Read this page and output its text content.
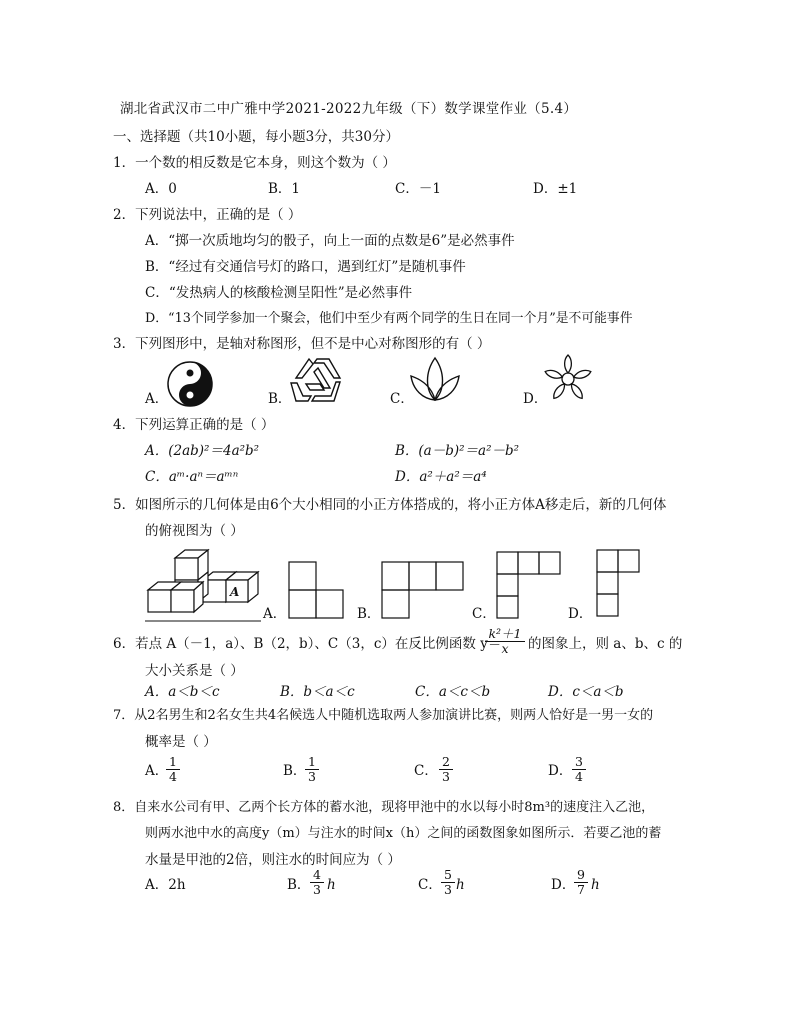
湖北省武汉市二中广雅中学2021-2022九年级（下）数学课堂作业（5.4）
一、选择题（共10小题，每小题3分，共30分）
1．一个数的相反数是它本身，则这个数为（ ）
A．0	B．1	C．－1	D．±1
2．下列说法中，正确的是（ ）
A．“掷一次质地均匀的骰子，向上一面的点数是6”是必然事件
B．“经过有交通信号灯的路口，遇到红灯”是随机事件
C．“发热病人的核酸检测呈阳性”是必然事件
D．“13个同学参加一个聚会，他们中至少有两个同学的生日在同一个月”是不可能事件
3．下列图形中，是轴对称图形，但不是中心对称图形的有（ ）
A．	B．	C．	D．
4．下列运算正确的是（ ）
A．(2ab)²＝4a²b²	B．(a－b)²＝a²－b²
C．aᵐ·aⁿ＝aᵐⁿ	D．a²＋a²＝a⁴
5．如图所示的几何体是由6个大小相同的小正方体搭成的，将小正方体A移走后，新的几何体
的俯视图为（ ）
A
A．	B．	C．	D．
6．若点 A（－1，a）、B（2，b）、C（3，c）在反比例函数 y＝
$\frac{\text{k²＋1}}{x}$ 的图象上，则 a、b、c 的
大小关系是（ ）
A．a＜b＜c	B．b＜a＜c	C．a＜c＜b	D．c＜a＜b
7．从2名男生和2名女生共4名候选人中随机选取两人参加演讲比赛，则两人恰好是一男一女的
概率是（ ）
A．
$\frac{1}{4}$	B．
$\frac{1}{3}$	C． $\frac{2}{3}$	D． $\frac{3}{4}$
8．自来水公司有甲、乙两个长方体的蓄水池，现将甲池中的水以每小时8m³的速度注入乙池，
则两水池中水的高度y（m）与注水的时间x（h）之间的函数图象如图所示．若要乙池的蓄
水量是甲池的2倍，则注水的时间应为（ ）
A．2h	B． $\frac{4}{3}$ h	C． $\frac{5}{3}$ h	D．
$\frac{9}{7}$ h
